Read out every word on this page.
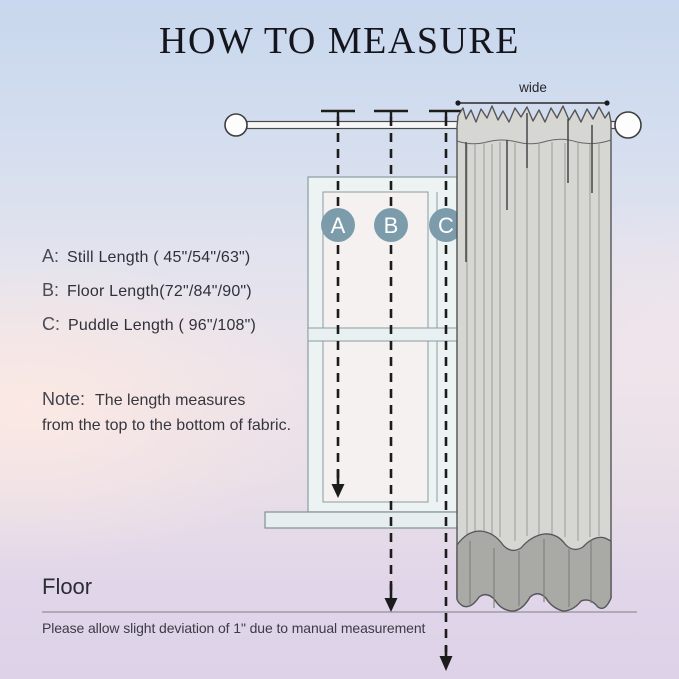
A B C
HOW TO MEASURE
wide
A: Still Length ( 45"/54"/63")
B: Floor Length(72"/84"/90")
C: Puddle Length ( 96"/108")
Note: The length measures
from the top to the bottom of fabric.
Floor
Please allow slight deviation of 1" due to manual measurement
